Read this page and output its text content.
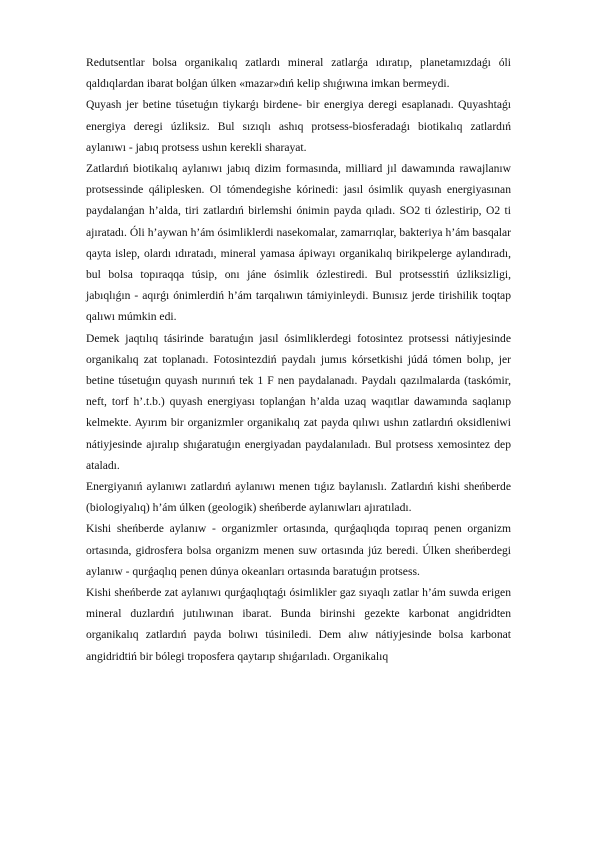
Redutsentlar bolsa organikalıq zatlardı mineral zatlarǵa ıdıratıp, planetamızdaǵı óli qaldıqlardan ibarat bolǵan úlken «mazar»dıń kelip shıǵıwına imkan bermeydi.

Quyash jer betine túsetuǵın tiykarǵı birdene- bir energiya deregi esaplanadı. Quyashtaǵı energiya deregi úzliksiz. Bul sızıqlı ashıq protsess-biosferadaǵı biotikalıq zatlardıń aylanıwı - jabıq protsess ushın kerekli sharayat.

Zatlardıń biotikalıq aylanıwı jabıq dizim formasında, milliard jıl dawamında rawajlanıw protsessinde qáliplesken. Ol tómendegishe kórinedi: jasıl ósimlik quyash energiyasınan paydalanǵan h’alda, tiri zatlardıń birlemshi ónimin payda qıladı. SO2 ti ózlestirip, O2 ti ajıratadı. Óli h’aywan h’ám ósimliklerdi nasekomalar, zamarrıqlar, bakteriya h’ám basqalar qayta islep, olardı ıdıratadı, mineral yamasa ápiwayı organikalıq birikpelerge aylandıradı, bul bolsa topıraqqa túsip, onı jáne ósimlik ózlestiredi. Bul protsesstiń úzliksizligi, jabıqlıǵın - aqırǵı ónimlerdiń h’ám tarqalıwın támiyinleydi. Bunısız jerde tirishilik toqtap qalıwı múmkin edi.

Demek jaqtılıq tásirinde baratuǵın jasıl ósimliklerdegi fotosintez protsessi nátiyjesinde organikalıq zat toplanadı. Fotosintezdiń paydalı jumıs kórsetkishi júdá tómen bolıp, jer betine túsetuǵın quyash nurınıń tek 1 F nen paydalanadı. Paydalı qazılmalarda (taskómir, neft, torf h’.t.b.) quyash energiyası toplanǵan h’alda uzaq waqıtlar dawamında saqlanıp kelmekte. Ayırım bir organizmler organikalıq zat payda qılıwı ushın zatlardıń oksidleniwi nátiyjesinde ajıralıp shıǵaratuǵın energiyadan paydalanıladı. Bul protsess xemosintez dep ataladı.

Energiyanıń aylanıwı zatlardıń aylanıwı menen tıǵız baylanıslı. Zatlardıń kishi sheńberde (biologiyalıq) h’ám úlken (geologik) sheńberde aylanıwları ajıratıladı.

Kishi sheńberde aylanıw - organizmler ortasında, qurǵaqlıqda topıraq penen organizm ortasında, gidrosfera bolsa organizm menen suw ortasında júz beredi. Úlken sheńberdegi aylanıw - qurǵaqlıq penen dúnya okeanları ortasında baratuǵın protsess.

Kishi sheńberde zat aylanıwı qurǵaqlıqtaǵı ósimlikler gaz sıyaqlı zatlar h’ám suwda erigen mineral duzlardıń jutılıwınan ibarat. Bunda birinshi gezekte karbonat angidridten organikalıq zatlardıń payda bolıwı túsiniledi. Dem alıw nátiyjesinde bolsa karbonat angidridtiń bir bólegi troposfera qaytarıp shıǵarıladı. Organikalıq
